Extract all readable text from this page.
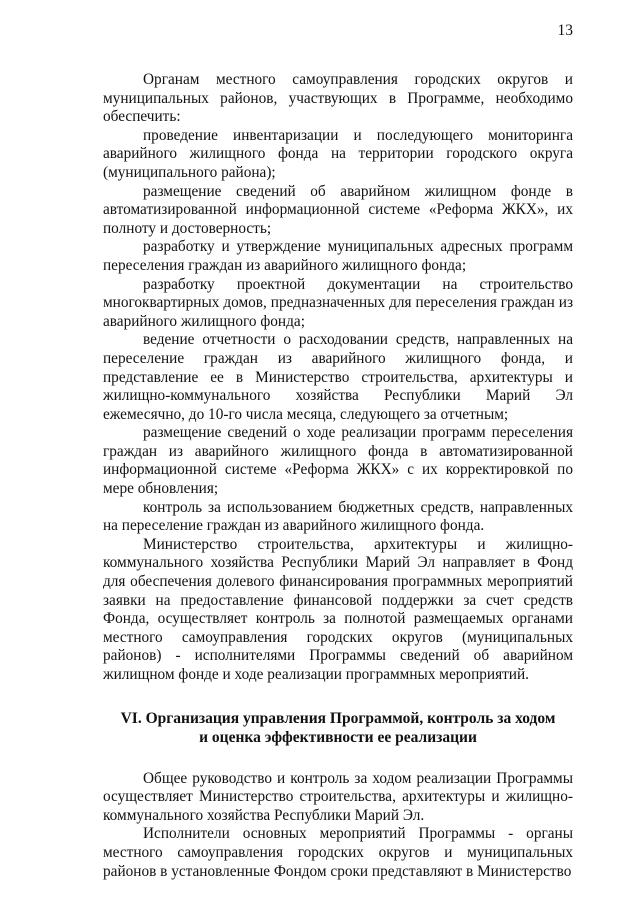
13

Органам местного самоуправления городских округов и муниципальных районов, участвующих в Программе, необходимо обеспечить:

проведение инвентаризации и последующего мониторинга аварийного жилищного фонда на территории городского округа (муниципального района);

размещение сведений об аварийном жилищном фонде в автоматизированной информационной системе «Реформа ЖКХ», их полноту и достоверность;

разработку и утверждение муниципальных адресных программ переселения граждан из аварийного жилищного фонда;

разработку проектной документации на строительство многоквартирных домов, предназначенных для переселения граждан из аварийного жилищного фонда;

ведение отчетности о расходовании средств, направленных на переселение граждан из аварийного жилищного фонда, и представление ее в Министерство строительства, архитектуры и жилищно-коммунального хозяйства Республики Марий Эл ежемесячно, до 10-го числа месяца, следующего за отчетным;

размещение сведений о ходе реализации программ переселения граждан из аварийного жилищного фонда в автоматизированной информационной системе «Реформа ЖКХ» с их корректировкой по мере обновления;

контроль за использованием бюджетных средств, направленных на переселение граждан из аварийного жилищного фонда.

Министерство строительства, архитектуры и жилищно-коммунального хозяйства Республики Марий Эл направляет в Фонд для обеспечения долевого финансирования программных мероприятий заявки на предоставление финансовой поддержки за счет средств Фонда, осуществляет контроль за полнотой размещаемых органами местного самоуправления городских округов (муниципальных районов) - исполнителями Программы сведений об аварийном жилищном фонде и ходе реализации программных мероприятий.

VI. Организация управления Программой, контроль за ходом
и оценка эффективности ее реализации

Общее руководство и контроль за ходом реализации Программы осуществляет Министерство строительства, архитектуры и жилищно-коммунального хозяйства Республики Марий Эл.

Исполнители основных мероприятий Программы - органы местного самоуправления городских округов и муниципальных районов в установленные Фондом сроки представляют в Министерство
